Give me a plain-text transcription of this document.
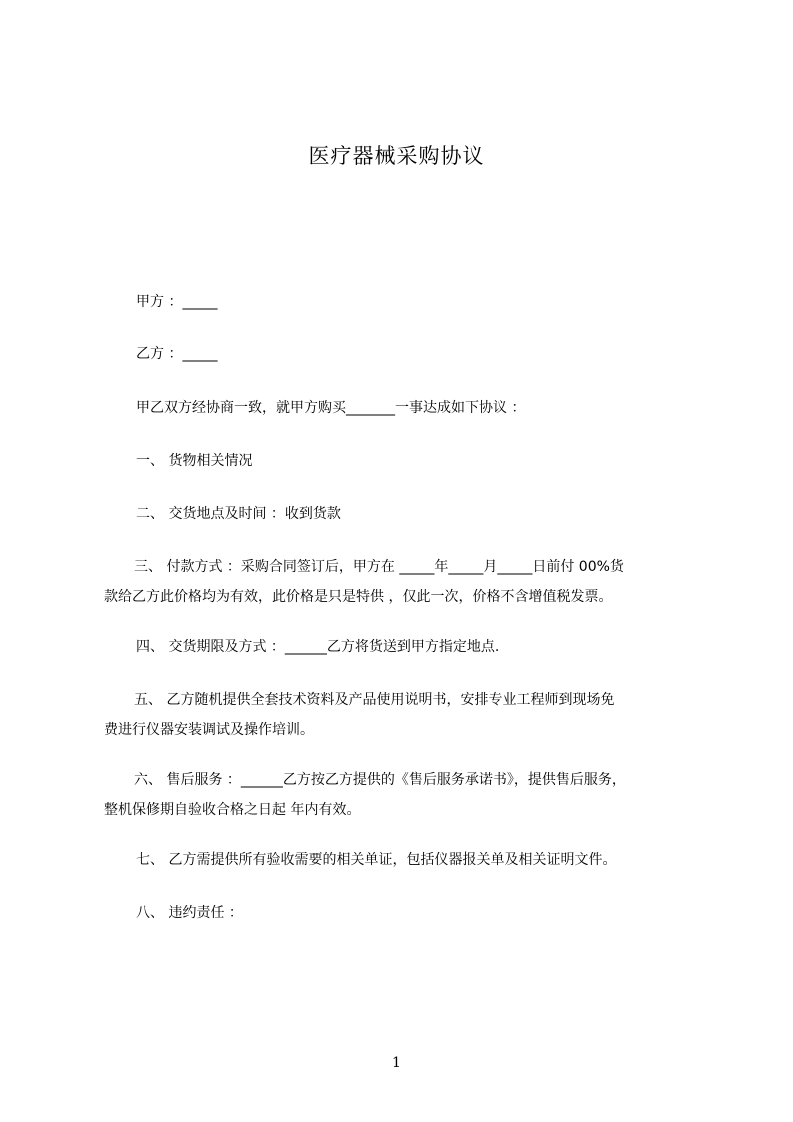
医疗器械采购协议
甲方 ：_____
乙方 ：_____
甲乙双方经协商一致，就甲方购买_______一事达成如下协议 ：
一、 货物相关情况
二、 交货地点及时间 ：收到货款
三、 付款方式 ：采购合同签订后，甲方在 _____年_____月_____日前付 00%货
款给乙方此价格均为有效，此价格是只是特供 ，仅此一次，价格不含增值税发票。
四、 交货期限及方式 ：______乙方将货送到甲方指定地点.
五、 乙方随机提供全套技术资料及产品使用说明书，安排专业工程师到现场免
费进行仪器安装调试及操作培训。
六、 售后服务 ：______乙方按乙方提供的《售后服务承诺书》，提供售后服务，
整机保修期自验收合格之日起 年内有效。
七、 乙方需提供所有验收需要的相关单证，包括仪器报关单及相关证明文件。
八、 违约责任 ：
1
